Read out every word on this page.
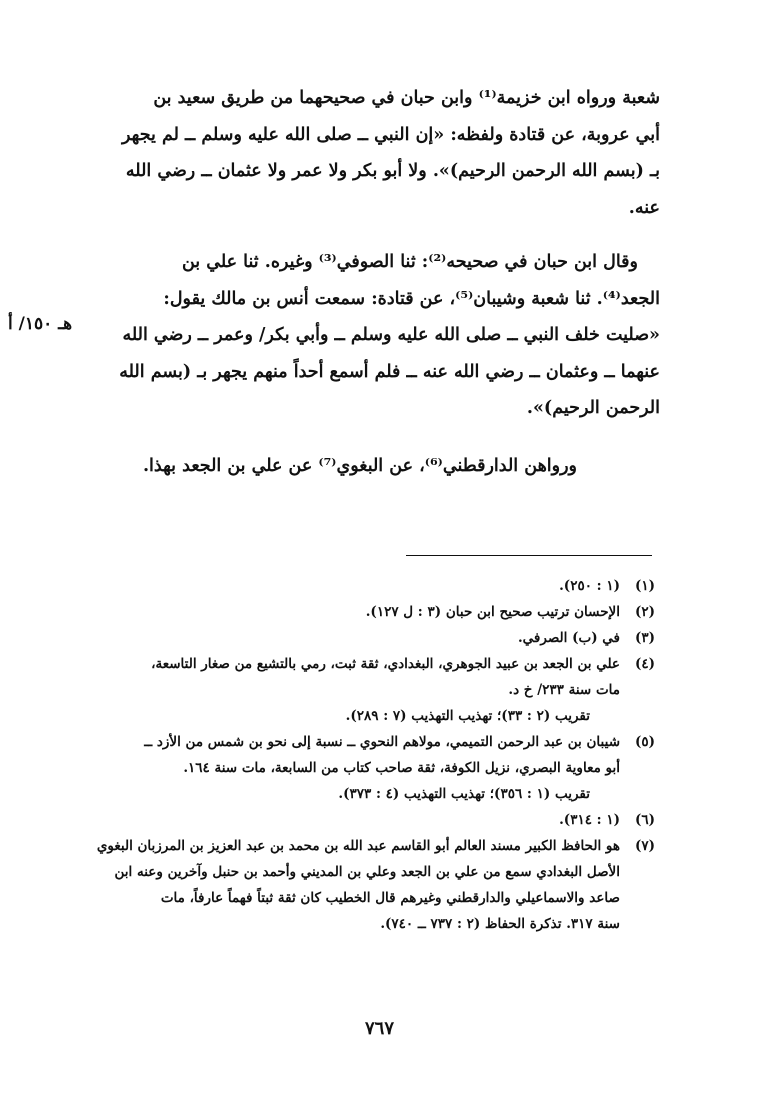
شعبة ورواه ابن خزيمة⁽¹⁾ وابن حبان في صحيحهما من طريق سعيد بن
أبي عروبة، عن قتادة ولفظه: «إن النبي ــ صلى الله عليه وسلم ــ لم يجهر
بـ (بسم الله الرحمن الرحيم)». ولا أبو بكر ولا عمر ولا عثمان ــ رضي الله
عنه.
وقال ابن حبان في صحيحه⁽²⁾: ثنا الصوفي⁽³⁾ وغيره. ثنا علي بن
الجعد⁽⁴⁾. ثنا شعبة وشيبان⁽⁵⁾، عن قتادة: سمعت أنس بن مالك يقول:
«صليت خلف النبي ــ صلى الله عليه وسلم ــ وأبي بكر/ وعمر ــ رضي الله
عنهما ــ وعثمان ــ رضي الله عنه ــ فلم أسمع أحداً منهم يجهر بـ (بسم الله
الرحمن الرحيم)».
هـ ١٥٠/ أ
ورواهن الدارقطني⁽⁶⁾، عن البغوي⁽⁷⁾ عن علي بن الجعد بهذا.
(١)
(١ : ٢٥٠).
(٢)
الإحسان ترتيب صحيح ابن حبان (٣ : ل ١٢٧).
(٣)
في (ب) الصرفي.
(٤)
علي بن الجعد بن عبيد الجوهري، البغدادي، ثقة ثبت، رمي بالتشيع من صغار التاسعة،
مات سنة ٢٣٣/ خ د.
تقريب (٢ : ٣٣)؛ تهذيب التهذيب (٧ : ٢٨٩).
(٥)
شيبان بن عبد الرحمن التميمي، مولاهم النحوي ــ نسبة إلى نحو بن شمس من الأزد ــ
أبو معاوية البصري، نزيل الكوفة، ثقة صاحب كتاب من السابعة، مات سنة ١٦٤.
تقريب (١ : ٣٥٦)؛ تهذيب التهذيب (٤ : ٣٧٣).
(٦)
(١ : ٣١٤).
(٧)
هو الحافظ الكبير مسند العالم أبو القاسم عبد الله بن محمد بن عبد العزيز بن المرزبان البغوي
الأصل البغدادي سمع من علي بن الجعد وعلي بن المديني وأحمد بن حنبل وآخرين وعنه ابن
صاعد والاسماعيلي والدارقطني وغيرهم قال الخطيب كان ثقة ثبتاً فهماً عارفاً، مات
سنة ٣١٧. تذكرة الحفاظ (٢ : ٧٣٧ ــ ٧٤٠).
٧٦٧
